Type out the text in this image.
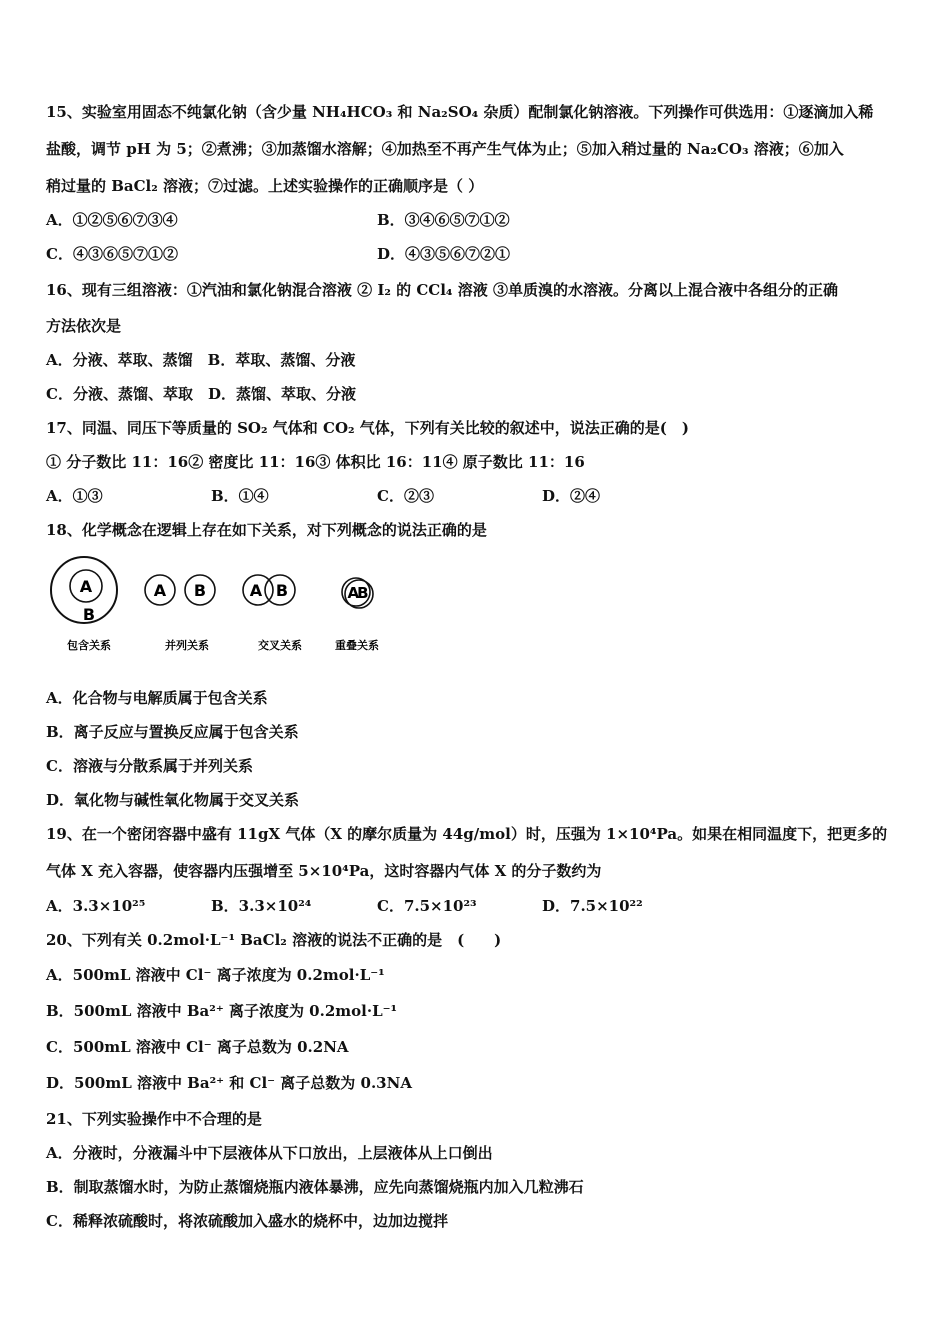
15、实验室用固态不纯氯化钠（含少量 NH₄HCO₃ 和 Na₂SO₄ 杂质）配制氯化钠溶液。下列操作可供选用：①逐滴加入稀
盐酸，调节 pH 为 5；②煮沸；③加蒸馏水溶解；④加热至不再产生气体为止；⑤加入稍过量的 Na₂CO₃ 溶液；⑥加入
稍过量的 BaCl₂ 溶液；⑦过滤。上述实验操作的正确顺序是（ ）
A．①②⑤⑥⑦③④	B．③④⑥⑤⑦①②
C．④③⑥⑤⑦①②	D．④③⑤⑥⑦②①
16、现有三组溶液：①汽油和氯化钠混合溶液 ② I₂ 的 CCl₄ 溶液 ③单质溴的水溶液。分离以上混合液中各组分的正确
方法依次是
A．分液、萃取、蒸馏　B．萃取、蒸馏、分液
C．分液、蒸馏、萃取　D．蒸馏、萃取、分液
17、同温、同压下等质量的 SO₂ 气体和 CO₂ 气体，下列有关比较的叙述中，说法正确的是(　)
① 分子数比 11：16② 密度比 11：16③ 体积比 16：11④ 原子数比 11：16
A．①③	B．①④	C．②③	D．②④
18、化学概念在逻辑上存在如下关系，对下列概念的说法正确的是
A
B
包含关系
A B
并列关系
A B
交叉关系
AB
重叠关系
A．化合物与电解质属于包含关系
B．离子反应与置换反应属于包含关系
C．溶液与分散系属于并列关系
D．氧化物与碱性氧化物属于交叉关系
19、在一个密闭容器中盛有 11gX 气体（X 的摩尔质量为 44g/mol）时，压强为 1×10⁴Pa。如果在相同温度下，把更多的
气体 X 充入容器，使容器内压强增至 5×10⁴Pa，这时容器内气体 X 的分子数约为
A．3.3×10²⁵	B．3.3×10²⁴	C．7.5×10²³	D．7.5×10²²
20、下列有关 0.2mol·L⁻¹ BaCl₂ 溶液的说法不正确的是　(　　)
A．500mL 溶液中 Cl⁻ 离子浓度为 0.2mol·L⁻¹
B．500mL 溶液中 Ba²⁺ 离子浓度为 0.2mol·L⁻¹
C．500mL 溶液中 Cl⁻ 离子总数为 0.2NA
D．500mL 溶液中 Ba²⁺ 和 Cl⁻ 离子总数为 0.3NA
21、下列实验操作中不合理的是
A．分液时，分液漏斗中下层液体从下口放出，上层液体从上口倒出
B．制取蒸馏水时，为防止蒸馏烧瓶内液体暴沸，应先向蒸馏烧瓶内加入几粒沸石
C．稀释浓硫酸时，将浓硫酸加入盛水的烧杯中，边加边搅拌
